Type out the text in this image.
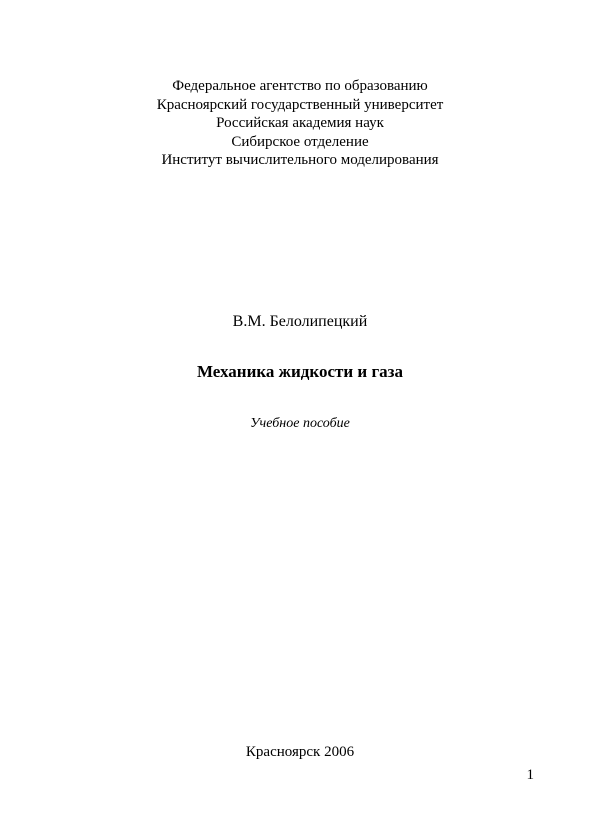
Федеральное агентство по образованию
Красноярский государственный университет
Российская академия наук
Сибирское отделение
Институт вычислительного моделирования
В.М. Белолипецкий
Механика жидкости и газа
Учебное пособие
Красноярск 2006
1
